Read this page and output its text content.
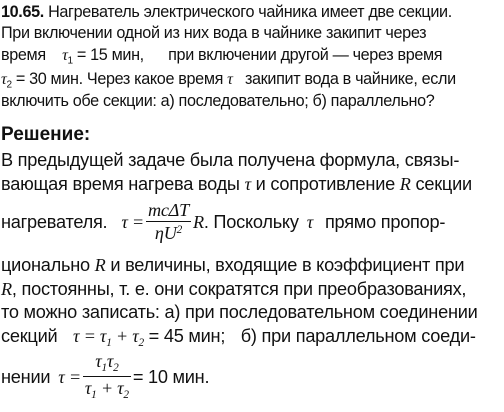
10.65. Нагреватель электрического чайника имеет две секции.
При включении одной из них вода в чайнике закипит через
время $\tau_1 = 15$ мин, при включении другой — через время
$\tau_2 = 30$ мин. Через какое время τ закипит вода в чайнике, если
включить обе секции: а) последовательно; б) параллельно?
Решение:
В предыдущей задаче была получена формула, связы-
вающая время нагрева воды τ и сопротивление R секции
нагревателя. $\tau = \frac{\text{mcΔT}}{\eta U^2}$ R . Поскольку τ прямо пропор-
ционально R и величины, входящие в коэффициент при
R, постоянны, т. е. они сократятся при преобразованиях,
то можно записать: а) при последовательном соединении
секций $\tau = \tau_1 + \tau_2 = 45$ мин; б) при параллельном соеди-
нении $\tau = \frac{\tau_1\tau_2}{\tau_1 + \tau_2} = 10$ мин.
